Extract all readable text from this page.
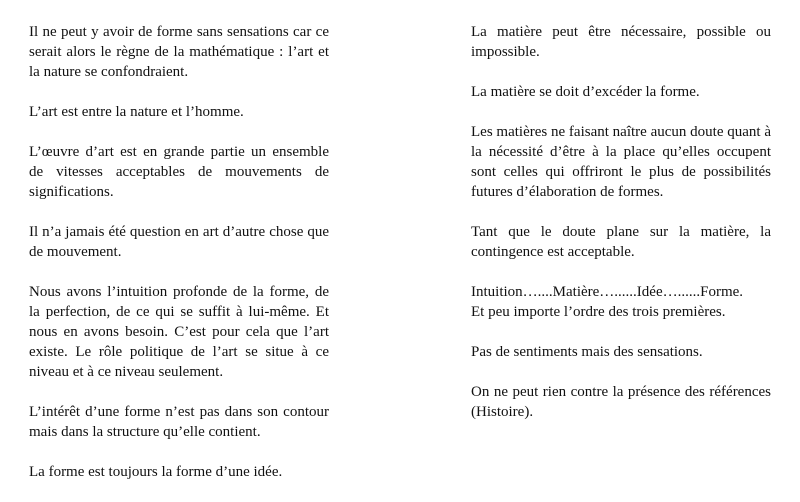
Il ne peut y avoir de forme sans sensations car ce serait alors le règne de la mathématique : l’art et la nature se confondraient.

L’art est entre la nature et l’homme.

L’œuvre d’art est en grande partie un ensemble de vitesses acceptables de mouvements de significations.

Il n’a jamais été question en art d’autre chose que de mouvement.

Nous avons l’intuition profonde de la forme, de la perfection, de ce qui se suffit à lui-même. Et nous en avons besoin. C’est pour cela que l’art existe. Le rôle politique de l’art se situe à ce niveau et à ce niveau seulement.

L’intérêt d’une forme n’est pas dans son contour mais dans la structure qu’elle contient.

La forme est toujours la forme d’une idée.

La matière peut être nécessaire, possible ou impossible.

La matière se doit d’excéder la forme.

Les matières ne faisant naître aucun doute quant à la nécessité d’être à la place qu’elles occupent sont celles qui offriront le plus de possibilités futures d’élaboration de formes.

Tant que le doute plane sur la matière, la contingence est acceptable.

Intuition…....Matière…......Idée…......Forme.
Et peu importe l’ordre des trois premières.

Pas de sentiments mais des sensations.

On ne peut rien contre la présence des références (Histoire).
